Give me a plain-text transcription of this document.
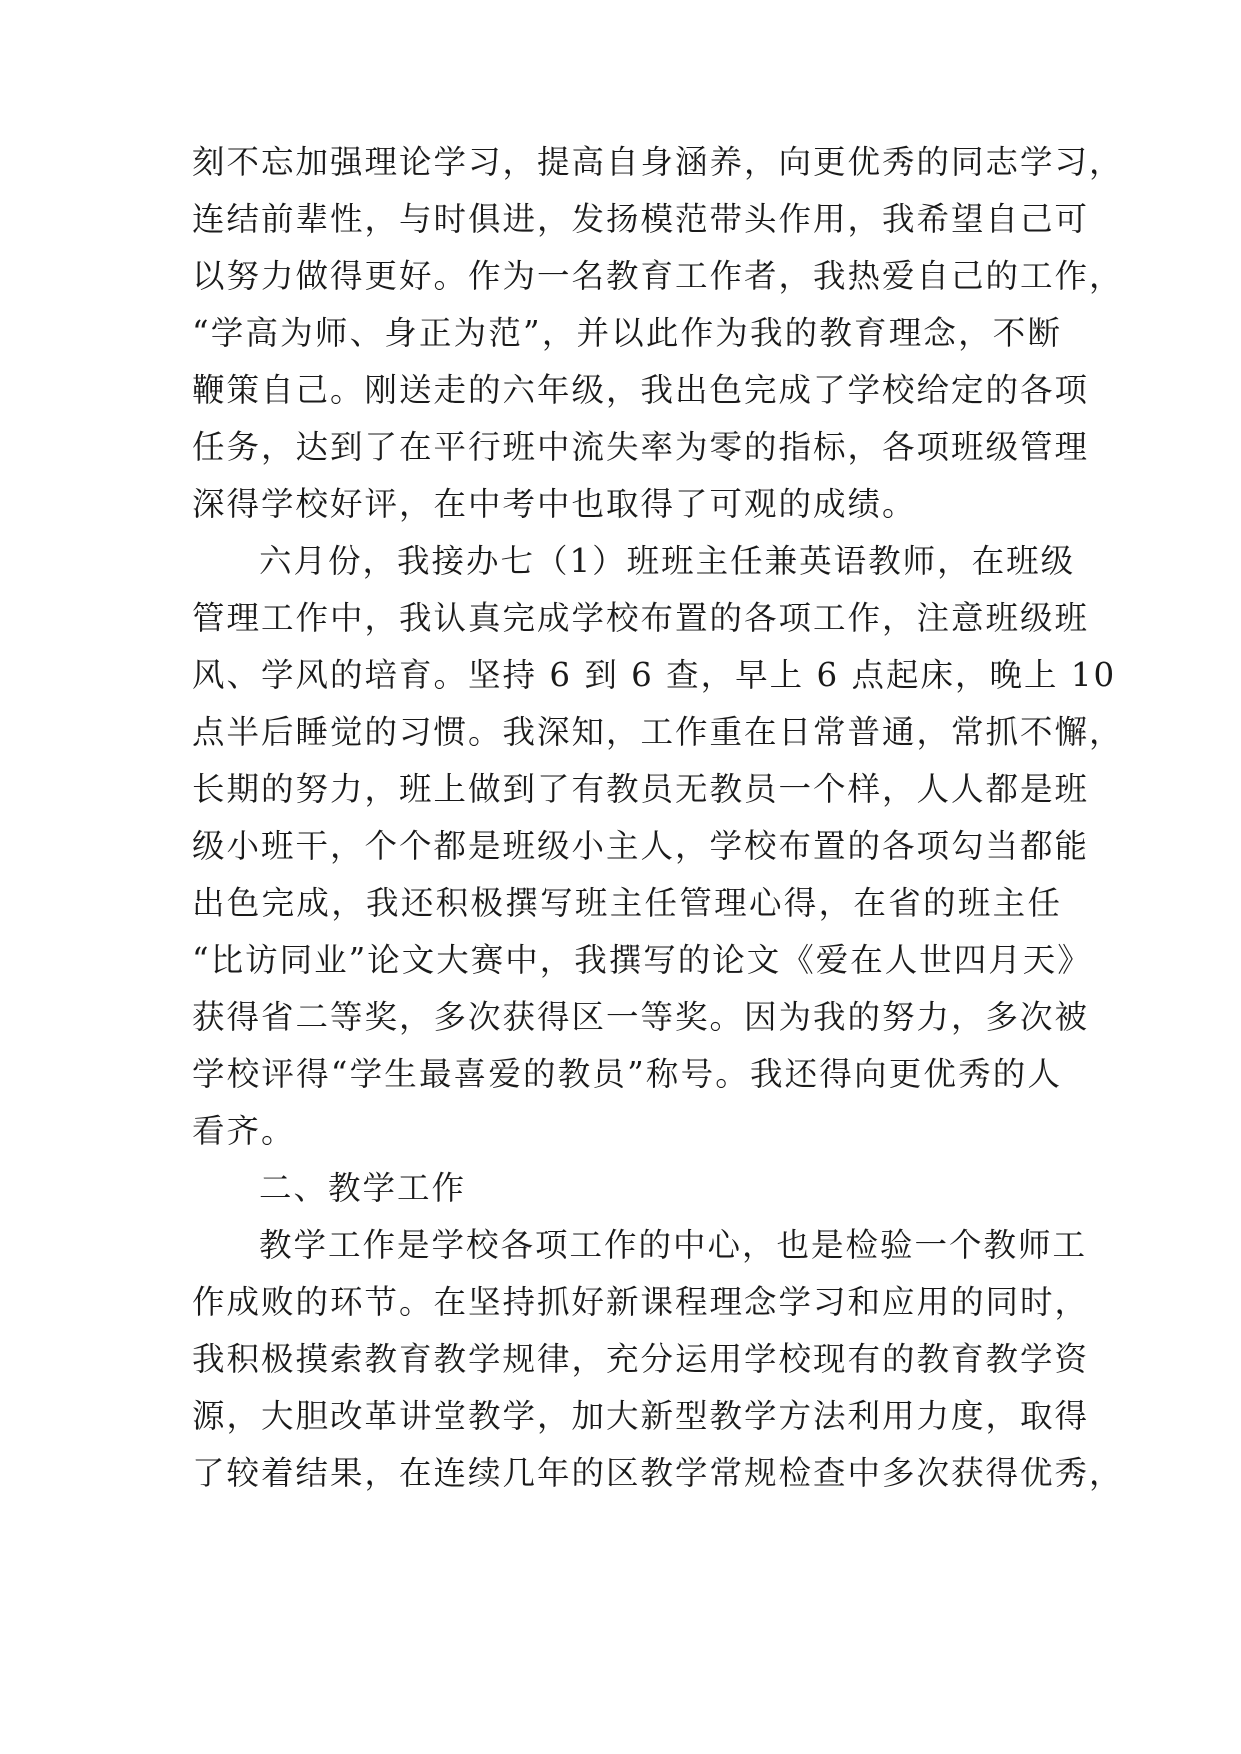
刻不忘加强理论学习，提高自身涵养，向更优秀的同志学习，
连结前辈性，与时俱进，发扬模范带头作用，我希望自己可
以努力做得更好。作为一名教育工作者，我热爱自己的工作，
“学高为师、身正为范”，并以此作为我的教育理念，不断
鞭策自己。刚送走的六年级，我出色完成了学校给定的各项
任务，达到了在平行班中流失率为零的指标，各项班级管理
深得学校好评，在中考中也取得了可观的成绩。
六月份，我接办七（1）班班主任兼英语教师，在班级
管理工作中，我认真完成学校布置的各项工作，注意班级班
风、学风的培育。坚持 6 到 6 查，早上 6 点起床，晚上 10
点半后睡觉的习惯。我深知，工作重在日常普通，常抓不懈，
长期的努力，班上做到了有教员无教员一个样，人人都是班
级小班干，个个都是班级小主人，学校布置的各项勾当都能
出色完成，我还积极撰写班主任管理心得，在省的班主任
“比访同业”论文大赛中，我撰写的论文《爱在人世四月天》
获得省二等奖，多次获得区一等奖。因为我的努力，多次被
学校评得“学生最喜爱的教员”称号。我还得向更优秀的人
看齐。
二、教学工作
教学工作是学校各项工作的中心，也是检验一个教师工
作成败的环节。在坚持抓好新课程理念学习和应用的同时，
我积极摸索教育教学规律，充分运用学校现有的教育教学资
源，大胆改革讲堂教学，加大新型教学方法利用力度，取得
了较着结果，在连续几年的区教学常规检查中多次获得优秀，
